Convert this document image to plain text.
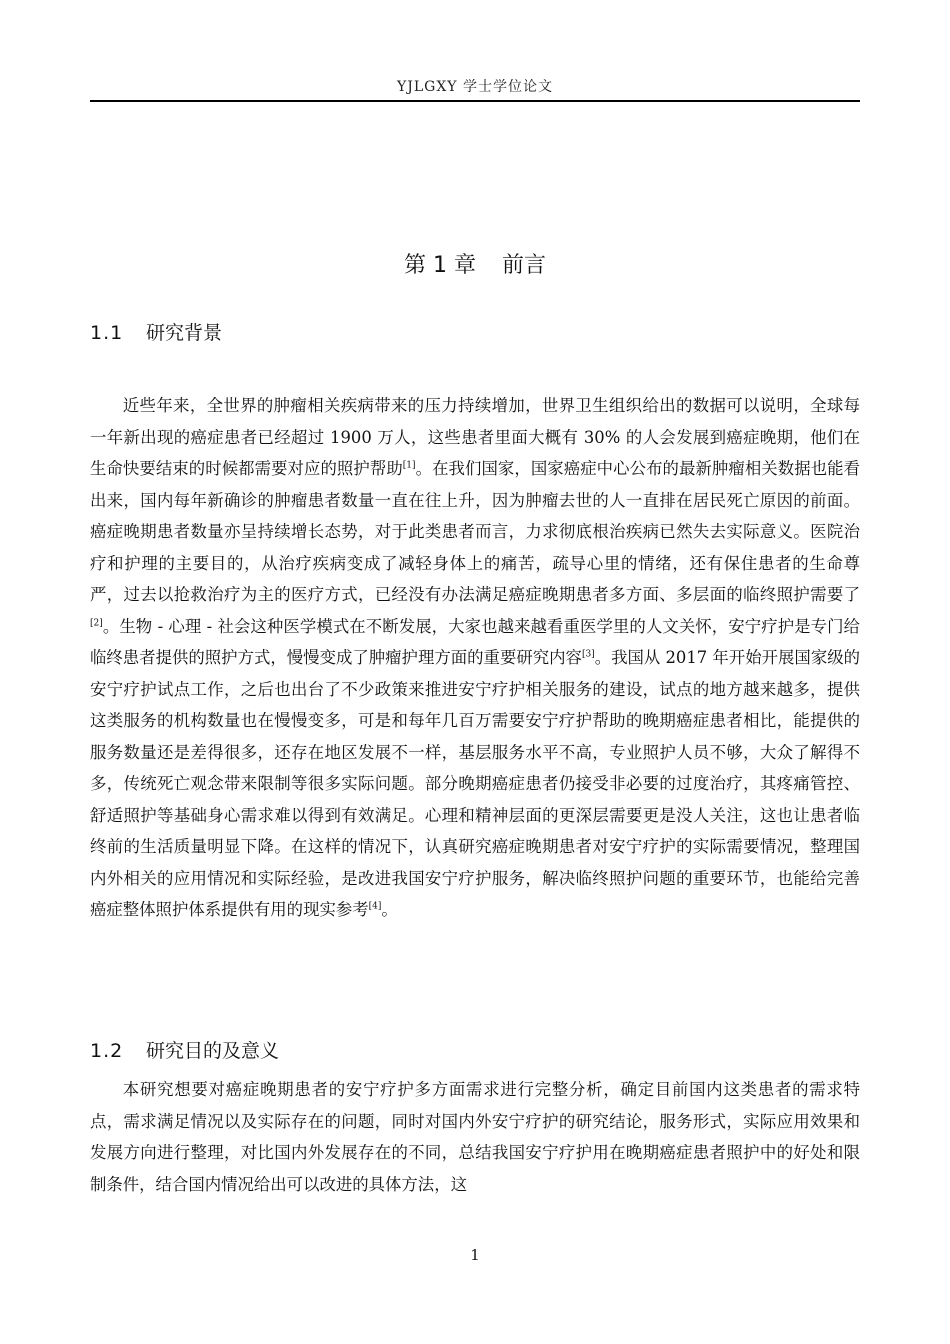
YJLGXY 学士学位论文
第 1 章 前言
1.1 研究背景

近些年来，全世界的肿瘤相关疾病带来的压力持续增加，世界卫生组织给出的数据可以说明，全球每一年新出现的癌症患者已经超过 1900 万人，这些患者里面大概有 30% 的人会发展到癌症晚期，他们在生命快要结束的时候都需要对应的照护帮助[1]。在我们国家，国家癌症中心公布的最新肿瘤相关数据也能看出来，国内每年新确诊的肿瘤患者数量一直在往上升，因为肿瘤去世的人一直排在居民死亡原因的前面。癌症晚期患者数量亦呈持续增长态势，对于此类患者而言，力求彻底根治疾病已然失去实际意义。医院治疗和护理的主要目的，从治疗疾病变成了减轻身体上的痛苦，疏导心里的情绪，还有保住患者的生命尊严，过去以抢救治疗为主的医疗方式，已经没有办法满足癌症晚期患者多方面、多层面的临终照护需要了[2]。生物 - 心理 - 社会这种医学模式在不断发展，大家也越来越看重医学里的人文关怀，安宁疗护是专门给临终患者提供的照护方式，慢慢变成了肿瘤护理方面的重要研究内容[3]。我国从 2017 年开始开展国家级的安宁疗护试点工作，之后也出台了不少政策来推进安宁疗护相关服务的建设，试点的地方越来越多，提供这类服务的机构数量也在慢慢变多，可是和每年几百万需要安宁疗护帮助的晚期癌症患者相比，能提供的服务数量还是差得很多，还存在地区发展不一样，基层服务水平不高，专业照护人员不够，大众了解得不多，传统死亡观念带来限制等很多实际问题。部分晚期癌症患者仍接受非必要的过度治疗，其疼痛管控、舒适照护等基础身心需求难以得到有效满足。心理和精神层面的更深层需要更是没人关注，这也让患者临终前的生活质量明显下降。在这样的情况下，认真研究癌症晚期患者对安宁疗护的实际需要情况，整理国内外相关的应用情况和实际经验，是改进我国安宁疗护服务，解决临终照护问题的重要环节，也能给完善癌症整体照护体系提供有用的现实参考[4]。

1.2 研究目的及意义

本研究想要对癌症晚期患者的安宁疗护多方面需求进行完整分析，确定目前国内这类患者的需求特点，需求满足情况以及实际存在的问题，同时对国内外安宁疗护的研究结论，服务形式，实际应用效果和发展方向进行整理，对比国内外发展存在的不同，总结我国安宁疗护用在晚期癌症患者照护中的好处和限制条件，结合国内情况给出可以改进的具体方法，这

1
